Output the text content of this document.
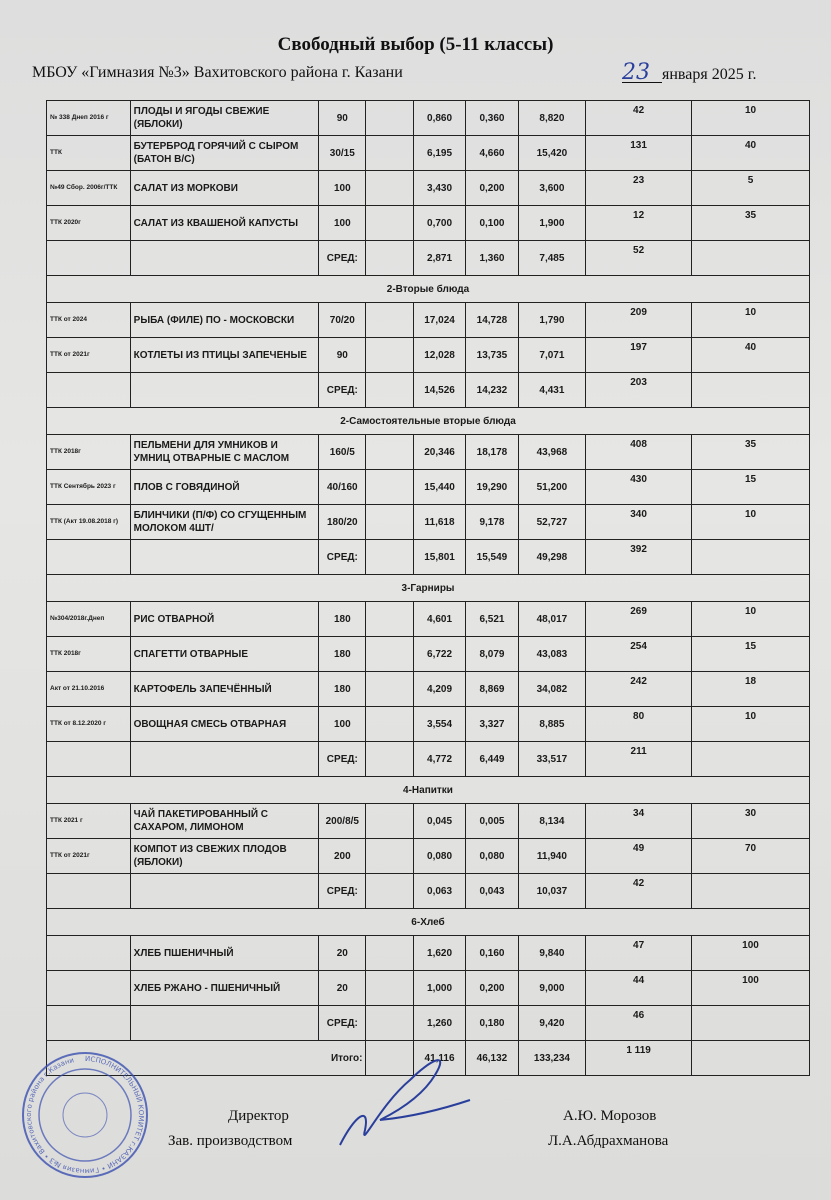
Свободный выбор (5-11 классы)
МБОУ «Гимназия №3» Вахитовского района г. Казани	23 января 2025 г.
№ 338 Днеп 2016 г	ПЛОДЫ И ЯГОДЫ СВЕЖИЕ (ЯБЛОКИ)	90		0,860	0,360	8,820	42	10
ТТК	БУТЕРБРОД ГОРЯЧИЙ С СЫРОМ (БАТОН В/С)	30/15		6,195	4,660	15,420	131	40
№49 Сбор. 2006г/ТТК	САЛАТ ИЗ МОРКОВИ	100		3,430	0,200	3,600	23	5
ТТК 2020г	САЛАТ ИЗ КВАШЕНОЙ КАПУСТЫ	100		0,700	0,100	1,900	12	35
		СРЕД:		2,871	1,360	7,485	52	
2-Вторые блюда								
ТТК от 2024	РЫБА (ФИЛЕ) ПО - МОСКОВСКИ	70/20		17,024	14,728	1,790	209	10
ТТК от 2021г	КОТЛЕТЫ ИЗ ПТИЦЫ ЗАПЕЧЕНЫЕ	90		12,028	13,735	7,071	197	40
		СРЕД:		14,526	14,232	4,431	203	
2-Самостоятельные вторые блюда								
ТТК 2018г	ПЕЛЬМЕНИ ДЛЯ УМНИКОВ И УМНИЦ ОТВАРНЫЕ С МАСЛОМ	160/5		20,346	18,178	43,968	408	35
ТТК Сентябрь 2023 г	ПЛОВ С ГОВЯДИНОЙ	40/160		15,440	19,290	51,200	430	15
ТТК (Акт 19.08.2018 г)	БЛИНЧИКИ (П/Ф) СО СГУЩЕННЫМ МОЛОКОМ 4ШТ/	180/20		11,618	9,178	52,727	340	10
		СРЕД:		15,801	15,549	49,298	392	
3-Гарниры								
№304/2018г.Днеп	РИС ОТВАРНОЙ	180		4,601	6,521	48,017	269	10
ТТК 2018г	СПАГЕТТИ ОТВАРНЫЕ	180		6,722	8,079	43,083	254	15
Акт от 21.10.2016	КАРТОФЕЛЬ ЗАПЕЧЁННЫЙ	180		4,209	8,869	34,082	242	18
ТТК от 8.12.2020 г	ОВОЩНАЯ СМЕСЬ ОТВАРНАЯ	100		3,554	3,327	8,885	80	10
		СРЕД:		4,772	6,449	33,517	211	
4-Напитки								
ТТК 2021 г	ЧАЙ ПАКЕТИРОВАННЫЙ С САХАРОМ, ЛИМОНОМ	200/8/5		0,045	0,005	8,134	34	30
ТТК от 2021г	КОМПОТ ИЗ СВЕЖИХ ПЛОДОВ (ЯБЛОКИ)	200		0,080	0,080	11,940	49	70
		СРЕД:		0,063	0,043	10,037	42	
6-Хлеб								
	ХЛЕБ ПШЕНИЧНЫЙ	20		1,620	0,160	9,840	47	100
	ХЛЕБ РЖАНО - ПШЕНИЧНЫЙ	20		1,000	0,200	9,000	44	100
		СРЕД:		1,260	0,180	9,420	46	
Итого:				41,116	46,132	133,234	1 119	
ИСПОЛНИТЕЛЬНЫЙ КОМИТЕТ г.КАЗАНИ • Гимназия №3 • Вахитовского района г.Казани
Директор
Зав. производством
А.Ю. Морозов
Л.А.Абдрахманова
